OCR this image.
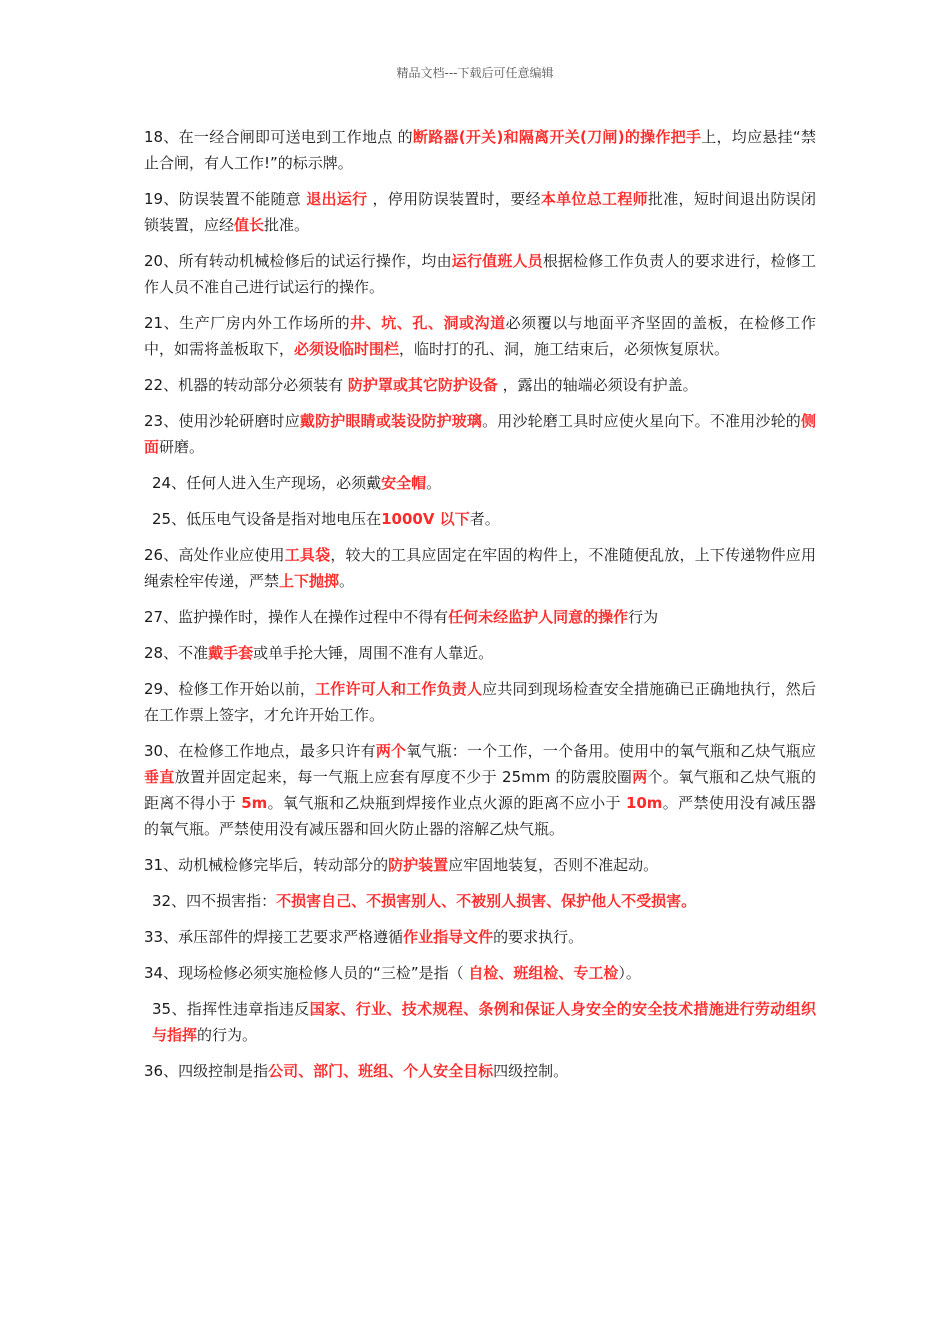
精品文档---下载后可任意编辑

18、在一经合闸即可送电到工作地点 的断路器(开关)和隔离开关(刀闸)的操作把手上，均应悬挂“禁止合闸，有人工作!”的标示牌。

19、防误装置不能随意 退出运行 ，停用防误装置时，要经本单位总工程师批准，短时间退出防误闭锁装置，应经值长批准。

20、所有转动机械检修后的试运行操作，均由运行值班人员根据检修工作负责人的要求进行，检修工作人员不准自己进行试运行的操作。

21、生产厂房内外工作场所的井、坑、孔、洞或沟道必须覆以与地面平齐坚固的盖板，在检修工作中，如需将盖板取下，必须设临时围栏，临时打的孔、洞，施工结束后，必须恢复原状。

22、机器的转动部分必须装有 防护罩或其它防护设备 ，露出的轴端必须设有护盖。

23、使用沙轮研磨时应戴防护眼睛或装设防护玻璃。用沙轮磨工具时应使火星向下。不准用沙轮的侧面研磨。

24、任何人进入生产现场，必须戴安全帽。

25、低压电气设备是指对地电压在1000V 以下者。

26、高处作业应使用工具袋，较大的工具应固定在牢固的构件上，不准随便乱放，上下传递物件应用绳索栓牢传递，严禁上下抛掷。

27、监护操作时，操作人在操作过程中不得有任何未经监护人同意的操作行为

28、不准戴手套或单手抡大锤，周围不准有人靠近。

29、检修工作开始以前，工作许可人和工作负责人应共同到现场检查安全措施确已正确地执行，然后在工作票上签字，才允许开始工作。

30、在检修工作地点，最多只许有两个氧气瓶：一个工作，一个备用。使用中的氧气瓶和乙炔气瓶应垂直放置并固定起来，每一气瓶上应套有厚度不少于 25mm 的防震胶圈两个。氧气瓶和乙炔气瓶的距离不得小于 5m。氧气瓶和乙炔瓶到焊接作业点火源的距离不应小于 10m。严禁使用没有减压器的氧气瓶。严禁使用没有减压器和回火防止器的溶解乙炔气瓶。

31、动机械检修完毕后，转动部分的防护装置应牢固地装复，否则不准起动。

32、四不损害指：不损害自己、不损害别人、不被别人损害、保护他人不受损害。

33、承压部件的焊接工艺要求严格遵循作业指导文件的要求执行。

34、现场检修必须实施检修人员的“三检”是指（ 自检、班组检、专工检）。

35、指挥性违章指违反国家、行业、技术规程、条例和保证人身安全的安全技术措施进行劳动组织与指挥的行为。

36、四级控制是指公司、部门、班组、个人安全目标四级控制。
